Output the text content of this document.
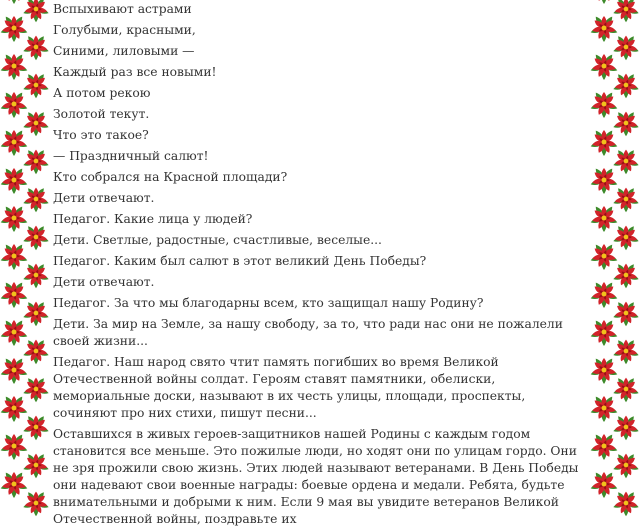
Вспыхивают астрами

Голубыми, красными,

Синими, лиловыми —

Каждый раз все новыми!

А потом рекою

Золотой текут.

Что это такое?

— Праздничный салют!

Кто собрался на Красной площади?

Дети отвечают.

Педагог. Какие лица у людей?

Дети. Светлые, радостные, счастливые, веселые...

Педагог. Каким был салют в этот великий День Победы?

Дети отвечают.

Педагог. За что мы благодарны всем, кто защищал нашу Родину?

Дети. За мир на Земле, за нашу свободу, за то, что ради нас они не пожалели своей жизни...

Педагог. Наш народ свято чтит память погибших во время Великой Отечественной войны солдат. Героям ставят памятники, обелиски, мемориальные доски, называют в их честь улицы, площади, проспекты, сочиняют про них стихи, пишут песни...

Оставшихся в живых героев-защитников нашей Родины с каждым годом становится все меньше. Это пожилые люди, но ходят они по улицам гордо. Они не зря прожили свою жизнь. Этих людей называют ветеранами. В День Победы они надевают свои военные награды: боевые ордена и медали. Ребята, будьте внимательными и добрыми к ним. Если 9 мая вы увидите ветеранов Великой Отечественной войны, поздравьте их
